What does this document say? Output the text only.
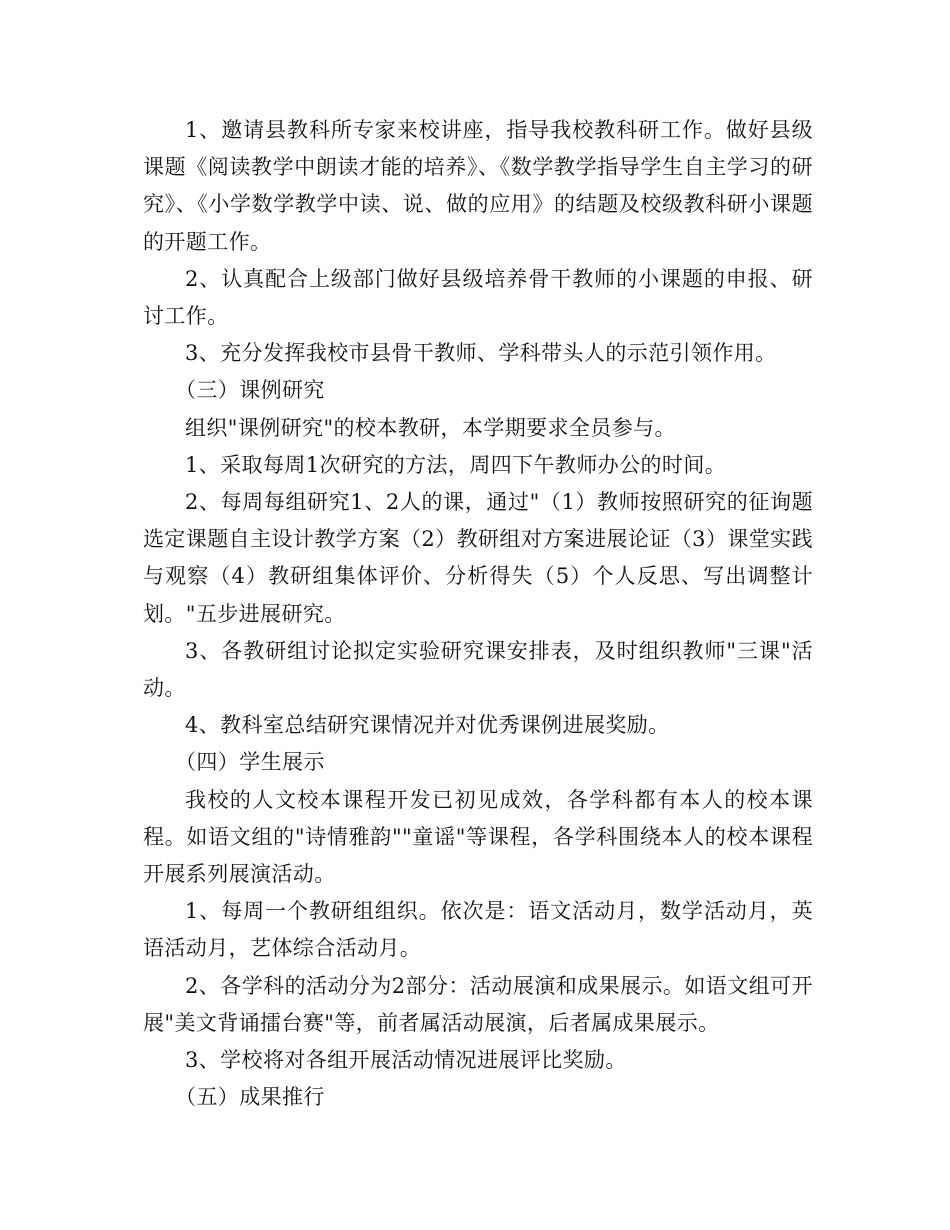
1、邀请县教科所专家来校讲座，指导我校教科研工作。做好县级课题《阅读教学中朗读才能的培养》、《数学教学指导学生自主学习的研究》、《小学数学教学中读、说、做的应用》的结题及校级教科研小课题的开题工作。

2、认真配合上级部门做好县级培养骨干教师的小课题的申报、研讨工作。

3、充分发挥我校市县骨干教师、学科带头人的示范引领作用。

（三）课例研究

组织"课例研究"的校本教研，本学期要求全员参与。

1、采取每周1次研究的方法，周四下午教师办公的时间。

2、每周每组研究1、2人的课，通过"（1）教师按照研究的征询题选定课题自主设计教学方案（2）教研组对方案进展论证（3）课堂实践与观察（4）教研组集体评价、分析得失（5）个人反思、写出调整计划。"五步进展研究。

3、各教研组讨论拟定实验研究课安排表，及时组织教师"三课"活动。

4、教科室总结研究课情况并对优秀课例进展奖励。

（四）学生展示

我校的人文校本课程开发已初见成效，各学科都有本人的校本课程。如语文组的"诗情雅韵""童谣"等课程，各学科围绕本人的校本课程开展系列展演活动。

1、每周一个教研组组织。依次是：语文活动月，数学活动月，英语活动月，艺体综合活动月。

2、各学科的活动分为2部分：活动展演和成果展示。如语文组可开展"美文背诵擂台赛"等，前者属活动展演，后者属成果展示。

3、学校将对各组开展活动情况进展评比奖励。

（五）成果推行
